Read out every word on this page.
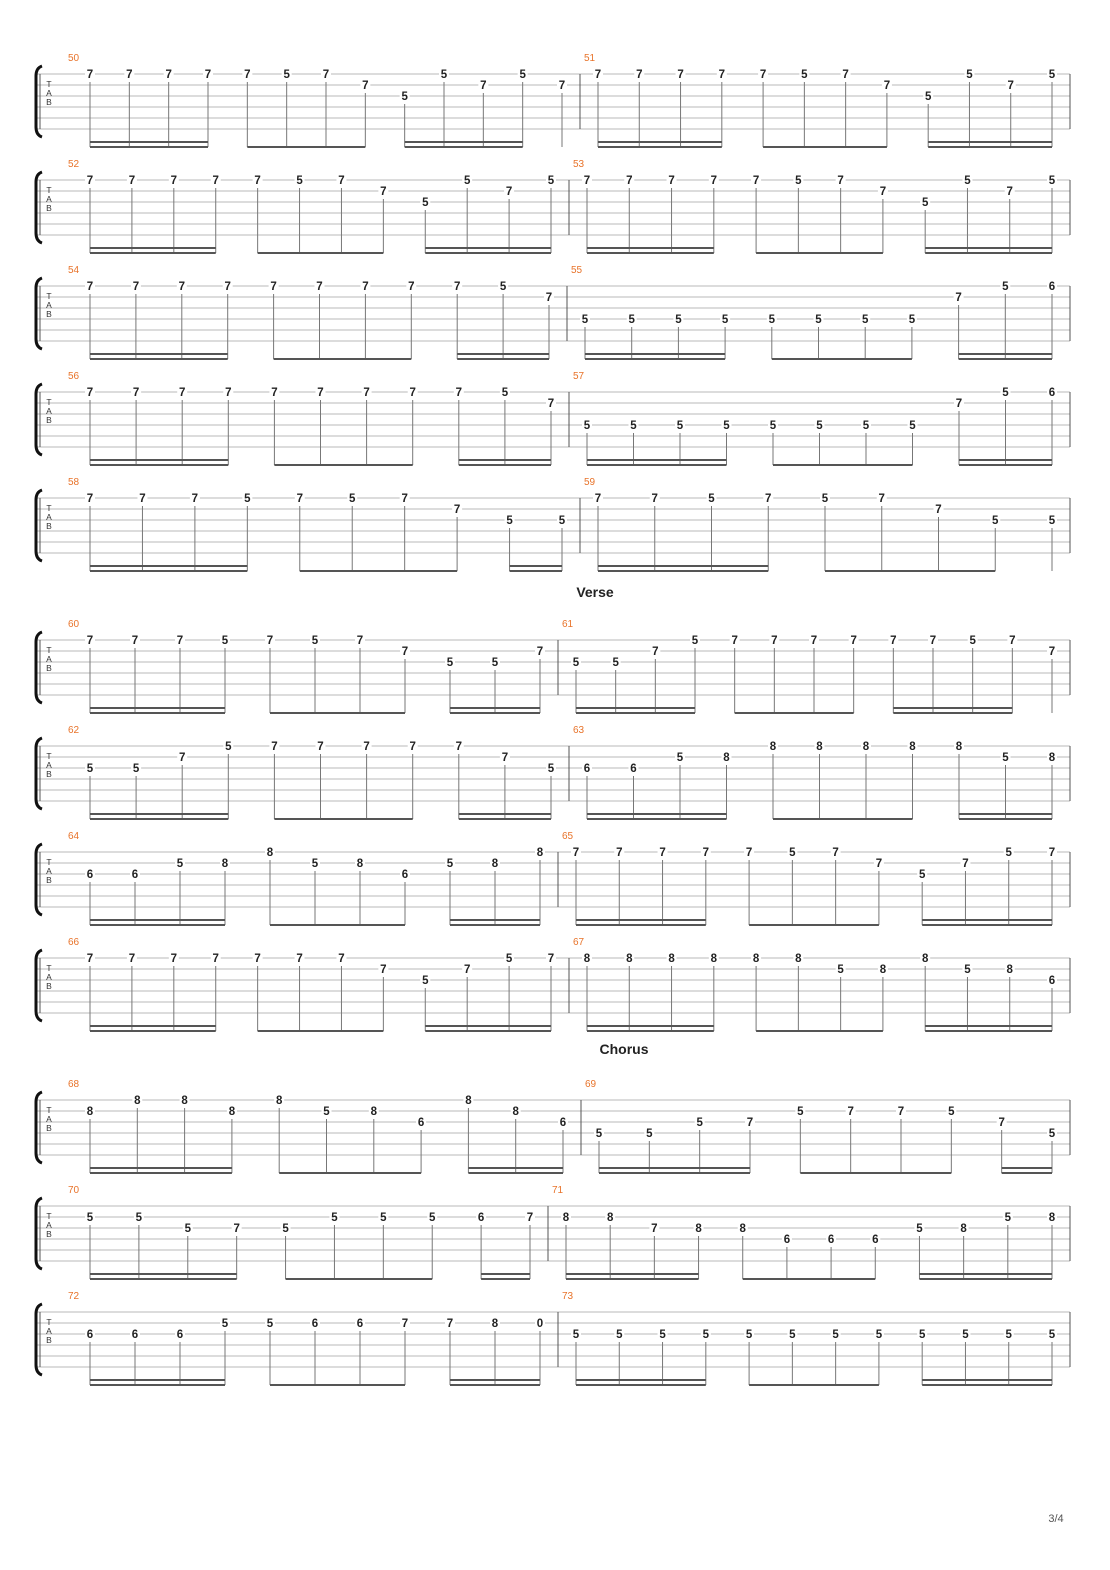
Verse
Chorus
3/4
T
A
B
50
7	7	7	7	7	5	7
7
5
5
7
5
7
51
7	7	7	7	7	5	7
7
5
5
7
5
T
A
B
52
7	7	7	7	7	5	7
7
5
5
7
5
53
7	7	7	7	7	5	7
7
5
5
7
5
T
A
B
54
7	7	7	7	7	7	7	7	7	5
7
55
5	5	5	5	5	5	5	5
7
5	6
T
A
B
56
7	7	7	7	7	7	7	7	7	5
7
57
5	5	5	5	5	5	5	5
7
5	6
T
A
B
58
7	7	7	5	7	5	7
7
5	5
59
7	7	5	7	5	7
7
5	5
T
A
B
60
7	7	7	5	7	5	7
7
5	5
7
61
5	5
7
5	7	7	7	7	7	7	5	7
7
T
A
B
62
5	5
7
5	7	7	7	7	7
7
5
63
6	6
5	8
8	8	8	8	8
5	8
T
A
B
64
6	6
5	8
8
5	8
6
5	8
8
65
7	7	7	7	7	5	7
7
5
7
5	7
T
A
B
66
7	7	7	7	7	7	7
7
5
7
5	7
67
8	8	8	8	8	8
5	8
8
5	8
6
T
A
B
68
8
8	8
8
8
5	8
6
8
8
6
69
5	5
5	7
5	7	7	5
7
5
T
A
B
70
5	5
5	7	5
5	5	5	6	7
71
8	8
7	8	8
6	6	6
5	8
5	8
T
A
B
72
6	6	6
5	5	6	6	7	7	8	0
73
5	5	5	5	5	5	5	5	5	5	5	5
